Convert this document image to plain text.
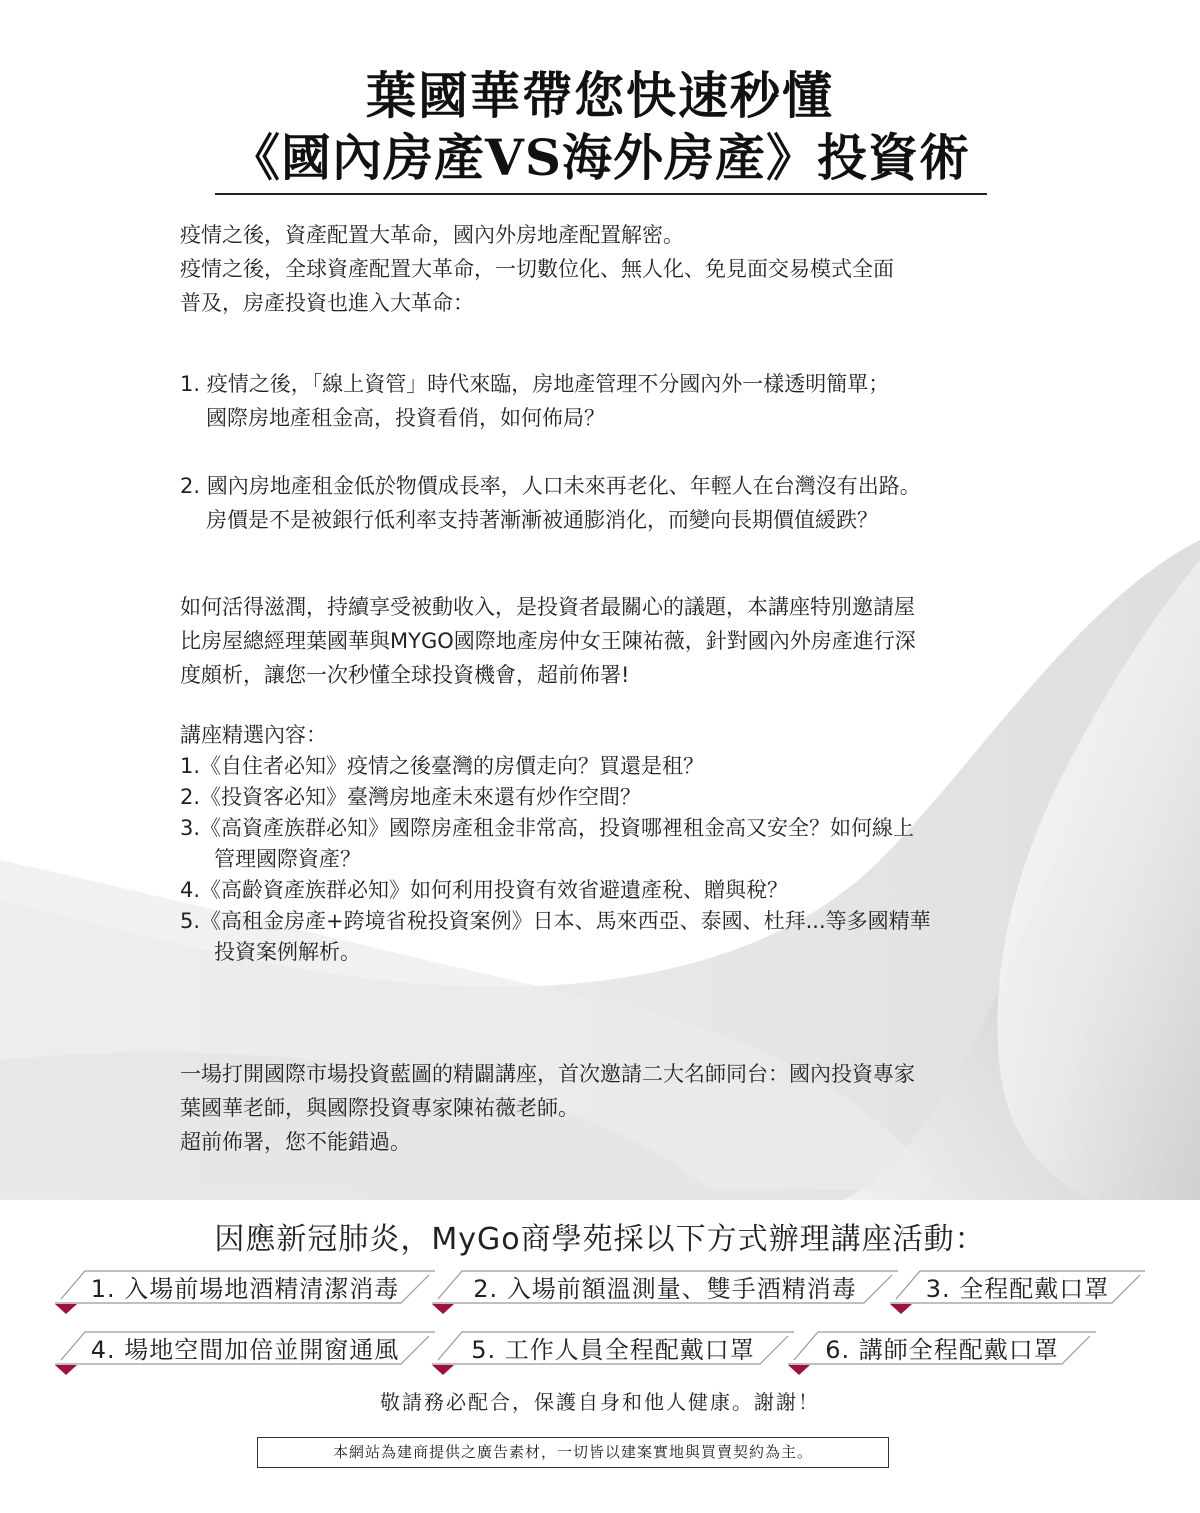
葉國華帶您快速秒懂
《國內房產VS海外房產》投資術
疫情之後，資產配置大革命，國內外房地產配置解密。
疫情之後，全球資產配置大革命，一切數位化、無人化、免見面交易模式全面
普及，房產投資也進入大革命：
1. 疫情之後，「線上資管」時代來臨，房地產管理不分國內外一樣透明簡單；
國際房地產租金高，投資看俏，如何佈局？
2. 國內房地產租金低於物價成長率，人口未來再老化、年輕人在台灣沒有出路。
房價是不是被銀行低利率支持著漸漸被通膨消化，而變向長期價值緩跌？
如何活得滋潤，持續享受被動收入，是投資者最關心的議題，本講座特別邀請屋
比房屋總經理葉國華與MYGO國際地產房仲女王陳祐薇，針對國內外房產進行深
度頗析，讓您一次秒懂全球投資機會，超前佈署!
講座精選內容：
1.《自住者必知》疫情之後臺灣的房價走向？買還是租？
2.《投資客必知》臺灣房地產未來還有炒作空間？
3.《高資產族群必知》國際房產租金非常高，投資哪裡租金高又安全？如何線上
管理國際資產？
4.《高齡資產族群必知》如何利用投資有效省避遺產稅、贈與稅？
5.《高租金房產+跨境省稅投資案例》日本、馬來西亞、泰國、杜拜...等多國精華
投資案例解析。
一場打開國際市場投資藍圖的精闢講座，首次邀請二大名師同台：國內投資專家
葉國華老師，與國際投資專家陳祐薇老師。
超前佈署，您不能錯過。
因應新冠肺炎，MyGo商學苑採以下方式辦理講座活動：
1. 入場前場地酒精清潔消毒	2. 入場前額溫測量、雙手酒精消毒	3. 全程配戴口罩
4. 場地空間加倍並開窗通風	5. 工作人員全程配戴口罩	6. 講師全程配戴口罩
敬請務必配合，保護自身和他人健康。謝謝！
本網站為建商提供之廣告素材，一切皆以建案實地與買賣契約為主。
